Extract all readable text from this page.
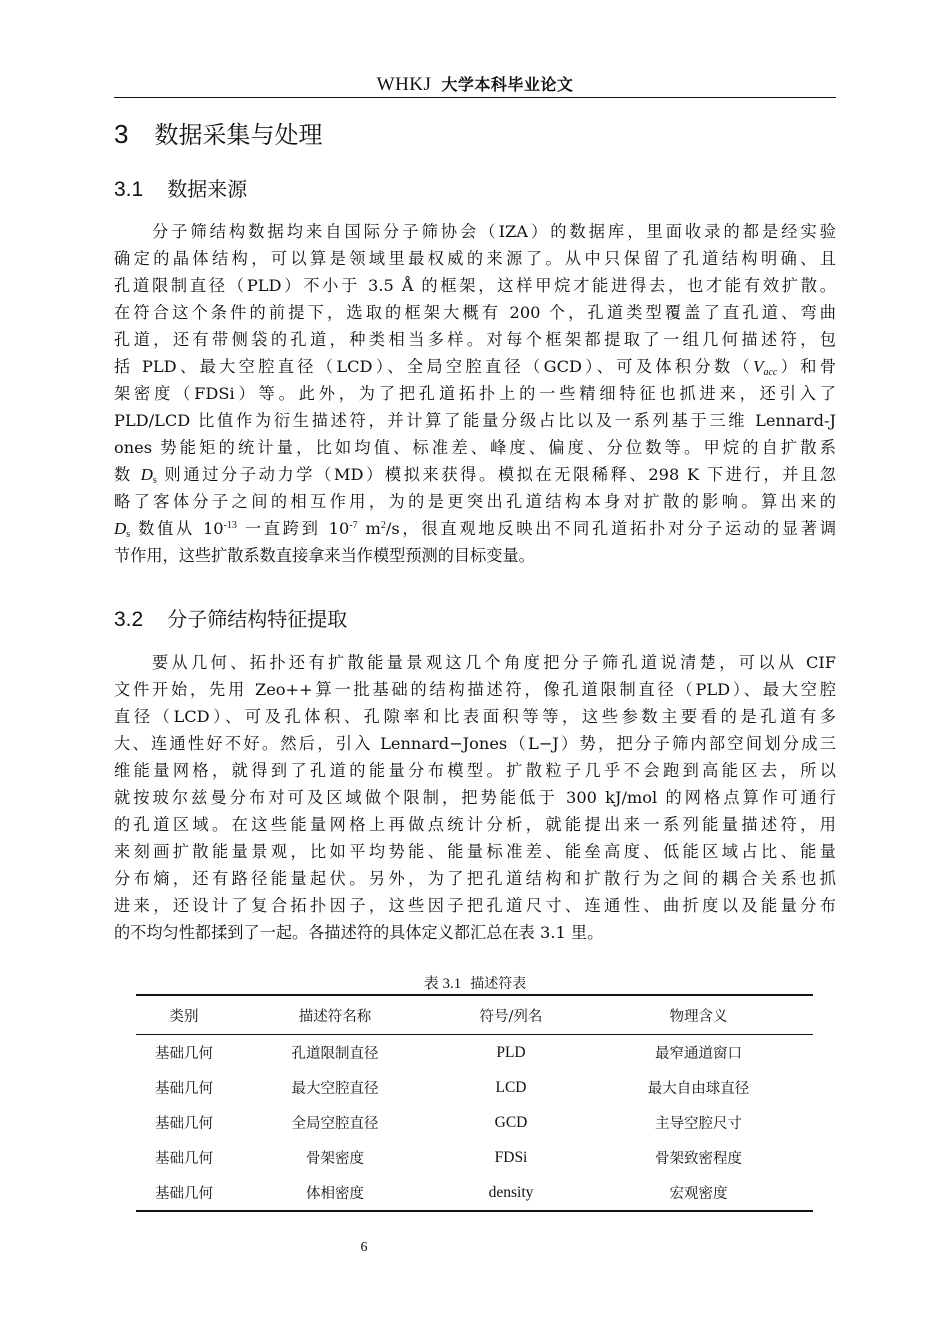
WHKJ 大学本科毕业论文
3 数据采集与处理
3.1 数据来源
分子筛结构数据均来自国际分子筛协会（IZA）的数据库，里面收录的都是经实验
确定的晶体结构，可以算是领域里最权威的来源了。从中只保留了孔道结构明确、且
孔道限制直径（PLD）不小于 3.5 Å 的框架，这样甲烷才能进得去，也才能有效扩散。
在符合这个条件的前提下，选取的框架大概有 200 个，孔道类型覆盖了直孔道、弯曲
孔道，还有带侧袋的孔道，种类相当多样。对每个框架都提取了一组几何描述符，包
括 PLD、最大空腔直径（LCD）、全局空腔直径（GCD）、可及体积分数$(V_{acc})$和骨
架密度（FDSi）等。此外，为了把孔道拓扑上的一些精细特征也抓进来，还引入了
PLD/LCD 比值作为衍生描述符，并计算了能量分级占比以及一系列基于三维 Lennard-J
ones 势能矩的统计量，比如均值、标准差、峰度、偏度、分位数等。甲烷的自扩散系
数 $D_s$ 则通过分子动力学（MD）模拟来获得。模拟在无限稀释、298 K 下进行，并且忽
略了客体分子之间的相互作用，为的是更突出孔道结构本身对扩散的影响。算出来的
$D_s$ 数值从 $10^{-13}$ 一直跨到 $10^{-7}$ $m^2/s$，很直观地反映出不同孔道拓扑对分子运动的显著调
节作用，这些扩散系数直接拿来当作模型预测的目标变量。
3.2 分子筛结构特征提取
要从几何、拓扑还有扩散能量景观这几个角度把分子筛孔道说清楚，可以从 CIF
文件开始，先用 Zeo++算一批基础的结构描述符，像孔道限制直径（PLD）、最大空腔
直径（LCD）、可及孔体积、孔隙率和比表面积等等，这些参数主要看的是孔道有多
大、连通性好不好。然后，引入 Lennard−Jones（L−J）势，把分子筛内部空间划分成三
维能量网格，就得到了孔道的能量分布模型。扩散粒子几乎不会跑到高能区去，所以
就按玻尔兹曼分布对可及区域做个限制，把势能低于 300 kJ/mol 的网格点算作可通行
的孔道区域。在这些能量网格上再做点统计分析，就能提出来一系列能量描述符，用
来刻画扩散能量景观，比如平均势能、能量标准差、能垒高度、低能区域占比、能量
分布熵，还有路径能量起伏。另外，为了把孔道结构和扩散行为之间的耦合关系也抓
进来，还设计了复合拓扑因子，这些因子把孔道尺寸、连通性、曲折度以及能量分布
的不均匀性都揉到了一起。各描述符的具体定义都汇总在表 3.1 里。
表 3.1 描述符表
类别	描述符名称	符号/列名	物理含义
基础几何	孔道限制直径	PLD	最窄通道窗口
基础几何	最大空腔直径	LCD	最大自由球直径
基础几何	全局空腔直径	GCD	主导空腔尺寸
基础几何	骨架密度	FDSi	骨架致密程度
基础几何	体相密度	density	宏观密度
6
